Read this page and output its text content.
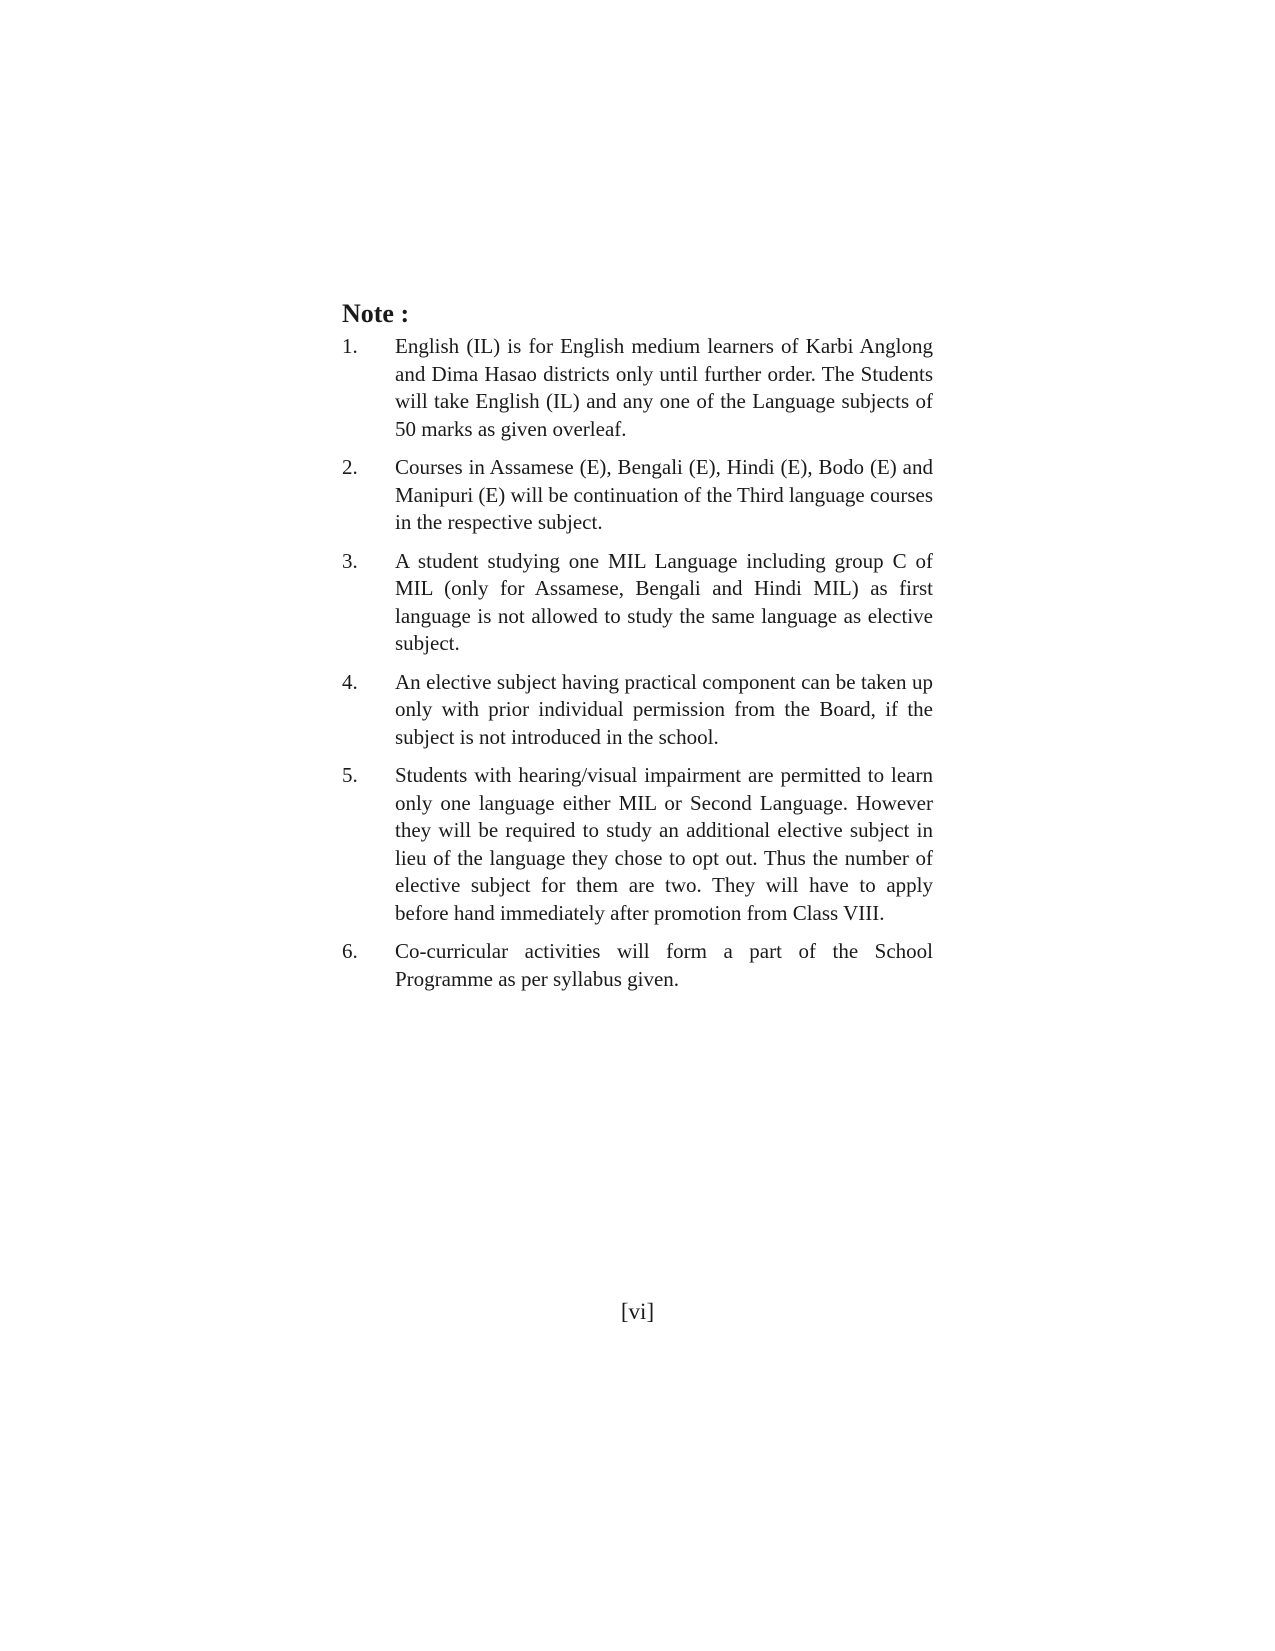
Note :
1.	English (IL) is for English medium learners of Karbi Anglong and Dima Hasao districts only until further order. The Students will take English (IL) and any one of the Language subjects of 50 marks as given overleaf.
2.	Courses in Assamese (E), Bengali (E), Hindi (E), Bodo (E) and Manipuri (E) will be continuation of the Third language courses in the respective subject.
3.	A student studying one MIL Language including group C of MIL (only for Assamese, Bengali and Hindi MIL) as first language is not allowed to study the same language as elective subject.
4.	An elective subject having practical component can be taken up only with prior individual permission from the Board, if the subject is not introduced in the school.
5.	Students with hearing/visual impairment are permitted to learn only one language either MIL or Second Language. However they will be required to study an additional elective subject in lieu of the language they chose to opt out. Thus the number of elective subject for them are two. They will have to apply before hand immediately after promotion from Class VIII.
6.	Co-curricular activities will form a part of the School Programme as per syllabus given.
[vi]
